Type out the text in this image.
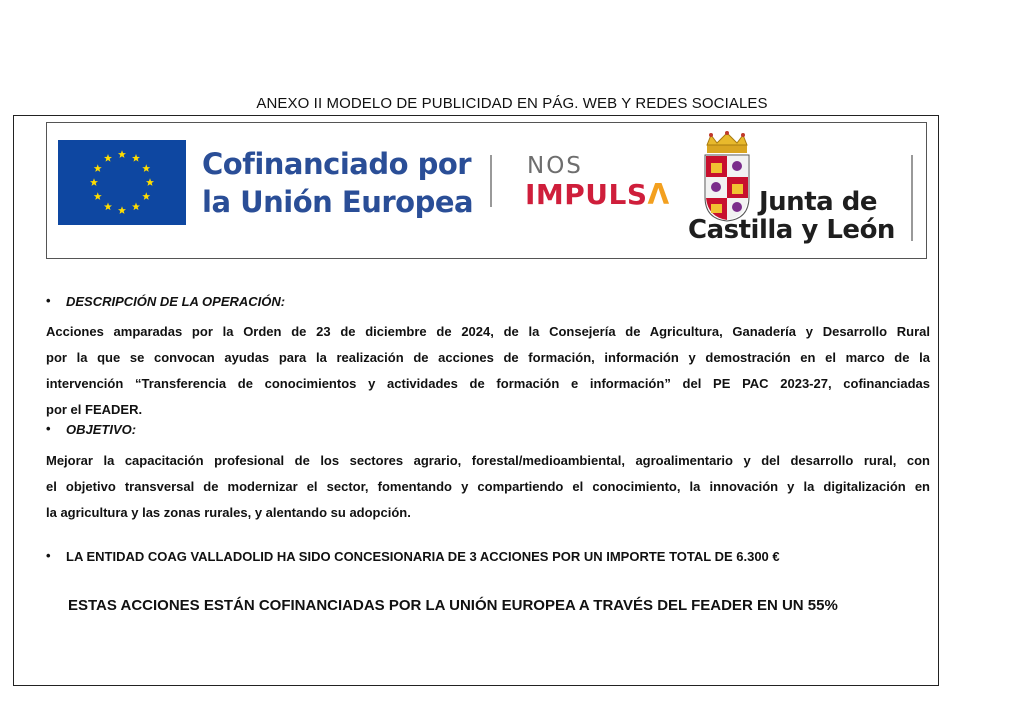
ANEXO II MODELO DE PUBLICIDAD EN PÁG. WEB Y REDES SOCIALES
Cofinanciado por
la Unión Europea
NOS
IMPULSΛ	Junta de
Castilla y León
• DESCRIPCIÓN DE LA OPERACIÓN:
Acciones amparadas por la Orden de 23 de diciembre de 2024, de la Consejería de Agricultura, Ganadería y Desarrollo Rural
por la que se convocan ayudas para la realización de acciones de formación, información y demostración en el marco de la
intervención “Transferencia de conocimientos y actividades de formación e información” del PE PAC 2023-27, cofinanciadas
por el FEADER.
• OBJETIVO:
Mejorar la capacitación profesional de los sectores agrario, forestal/medioambiental, agroalimentario y del desarrollo rural, con
el objetivo transversal de modernizar el sector, fomentando y compartiendo el conocimiento, la innovación y la digitalización en
la agricultura y las zonas rurales, y alentando su adopción.
• LA ENTIDAD COAG VALLADOLID HA SIDO CONCESIONARIA DE 3 ACCIONES POR UN IMPORTE TOTAL DE 6.300 €
ESTAS ACCIONES ESTÁN COFINANCIADAS POR LA UNIÓN EUROPEA A TRAVÉS DEL FEADER EN UN 55%
